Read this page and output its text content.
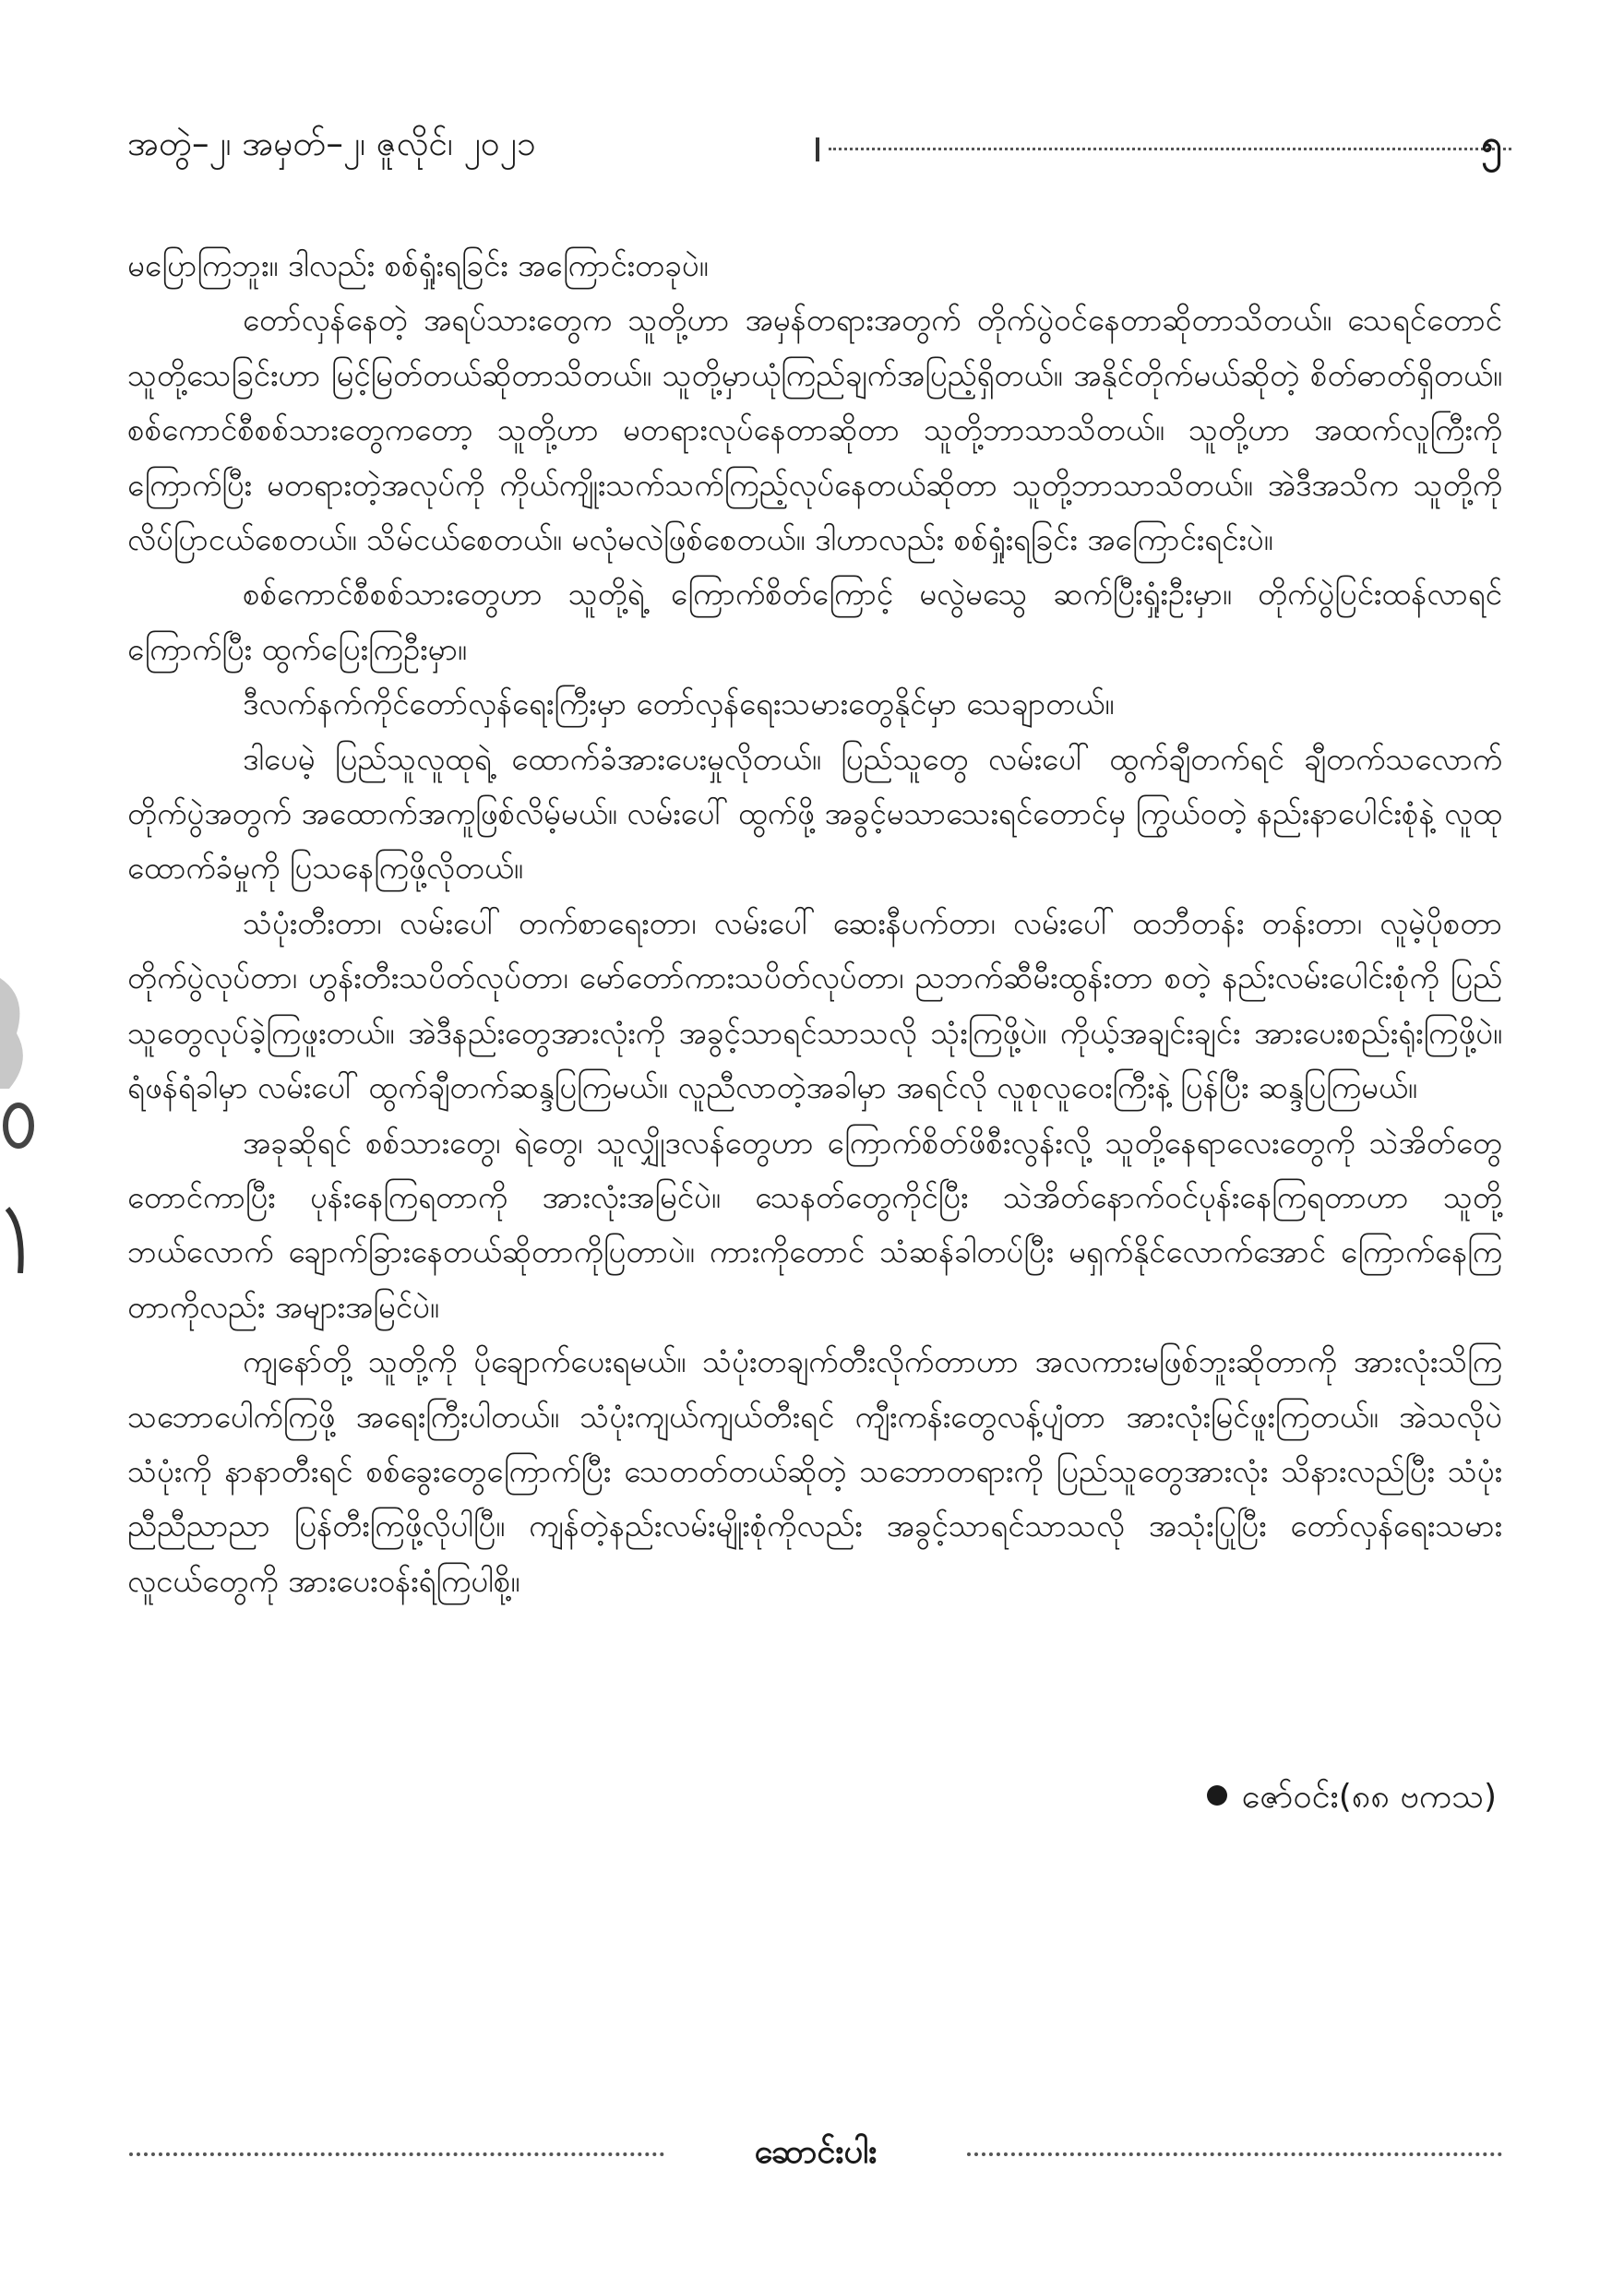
အတွဲ–၂၊ အမှတ်–၂၊ ဇူလိုင်၊ ၂၀၂၁	၅

မပြောကြဘူး။ ဒါလည်း စစ်ရှုံးရခြင်း အကြောင်းတခုပဲ။

တော်လှန်နေတဲ့ အရပ်သားတွေက သူတို့ဟာ အမှန်တရားအတွက် တိုက်ပွဲဝင်နေတာဆိုတာသိတယ်။ သေရင်တောင် သူတို့သေခြင်းဟာ မြင့်မြတ်တယ်ဆိုတာသိတယ်။ သူတို့မှာယုံကြည်ချက်အပြည့်ရှိတယ်။ အနိုင်တိုက်မယ်ဆိုတဲ့ စိတ်ဓာတ်ရှိတယ်။ စစ်ကောင်စီစစ်သားတွေကတော့ သူတို့ဟာ မတရားလုပ်နေတာဆိုတာ သူတို့ဘာသာသိတယ်။ သူတို့ဟာ အထက်လူကြီးကိုကြောက်ပြီး မတရားတဲ့အလုပ်ကို ကိုယ်ကျိုးသက်သက်ကြည့်လုပ်နေတယ်ဆိုတာ သူတို့ဘာသာသိတယ်။ အဲဒီအသိက သူတို့ကို လိပ်ပြာငယ်စေတယ်။ သိမ်ငယ်စေတယ်။ မလုံမလဲဖြစ်စေတယ်။ ဒါဟာလည်း စစ်ရှုံးရခြင်း အကြောင်းရင်းပဲ။

စစ်ကောင်စီစစ်သားတွေဟာ သူတို့ရဲ့ ကြောက်စိတ်ကြောင့် မလွဲမသွေ ဆက်ပြီးရှုံးဦးမှာ။ တိုက်ပွဲပြင်းထန်လာရင် ကြောက်ပြီး ထွက်ပြေးကြဦးမှာ။

ဒီလက်နက်ကိုင်တော်လှန်ရေးကြီးမှာ တော်လှန်ရေးသမားတွေနိုင်မှာ သေချာတယ်။

ဒါပေမဲ့ ပြည်သူလူထုရဲ့ ထောက်ခံအားပေးမှုလိုတယ်။ ပြည်သူတွေ လမ်းပေါ် ထွက်ချီတက်ရင် ချီတက်သလောက် တိုက်ပွဲအတွက် အထောက်အကူဖြစ်လိမ့်မယ်။ လမ်းပေါ် ထွက်ဖို့ အခွင့်မသာသေးရင်တောင်မှ ကြွယ်ဝတဲ့ နည်းနာပေါင်းစုံနဲ့ လူထုထောက်ခံမှုကို ပြသနေကြဖို့လိုတယ်။

သံပုံးတီးတာ၊ လမ်းပေါ် တက်စာရေးတာ၊ လမ်းပေါ် ဆေးနီပက်တာ၊ လမ်းပေါ် ထဘီတန်း တန်းတာ၊ လူမဲ့ပိုစတာတိုက်ပွဲလုပ်တာ၊ ဟွန်းတီးသပိတ်လုပ်တာ၊ မော်တော်ကားသပိတ်လုပ်တာ၊ ညဘက်ဆီမီးထွန်းတာ စတဲ့ နည်းလမ်းပေါင်းစုံကို ပြည်သူတွေလုပ်ခဲ့ကြဖူးတယ်။ အဲဒီနည်းတွေအားလုံးကို အခွင့်သာရင်သာသလို သုံးကြဖို့ပဲ။ ကိုယ့်အချင်းချင်း အားပေးစည်းရုံးကြဖို့ပဲ။ ရံဖန်ရံခါမှာ လမ်းပေါ် ထွက်ချီတက်ဆန္ဒပြကြမယ်။ လူညီလာတဲ့အခါမှာ အရင်လို လူစုလူဝေးကြီးနဲ့ ပြန်ပြီး ဆန္ဒပြကြမယ်။

အခုဆိုရင် စစ်သားတွေ၊ ရဲတွေ၊ သူလျှိုဒလန်တွေဟာ ကြောက်စိတ်ဖိစီးလွန်းလို့ သူတို့နေရာလေးတွေကို သဲအိတ်တွေတောင်ကာပြီး ပုန်းနေကြရတာကို အားလုံးအမြင်ပဲ။ သေနတ်တွေကိုင်ပြီး သဲအိတ်နောက်ဝင်ပုန်းနေကြရတာဟာ သူတို့ ဘယ်လောက် ချောက်ခြားနေတယ်ဆိုတာကိုပြတာပဲ။ ကားကိုတောင် သံဆန်ခါတပ်ပြီး မရှက်နိုင်လောက်အောင် ကြောက်နေကြတာကိုလည်း အများအမြင်ပဲ။

ကျနော်တို့ သူတို့ကို ပိုချောက်ပေးရမယ်။ သံပုံးတချက်တီးလိုက်တာဟာ အလကားမဖြစ်ဘူးဆိုတာကို အားလုံးသိကြ သဘောပေါက်ကြဖို့ အရေးကြီးပါတယ်။ သံပုံးကျယ်ကျယ်တီးရင် ကျီးကန်းတွေလန့်ပျံတာ အားလုံးမြင်ဖူးကြတယ်။ အဲသလိုပဲ သံပုံးကို နာနာတီးရင် စစ်ခွေးတွေကြောက်ပြီး သေတတ်တယ်ဆိုတဲ့ သဘောတရားကို ပြည်သူတွေအားလုံး သိနားလည်ပြီး သံပုံး ညီညီညာညာ ပြန်တီးကြဖို့လိုပါပြီ။ ကျန်တဲ့နည်းလမ်းမျိုးစုံကိုလည်း အခွင့်သာရင်သာသလို အသုံးပြုပြီး တော်လှန်ရေးသမားလူငယ်တွေကို အားပေးဝန်းရံကြပါစို့။

ဇော်ဝင်း(၈၈ ဗကသ)
ဆောင်းပါး
